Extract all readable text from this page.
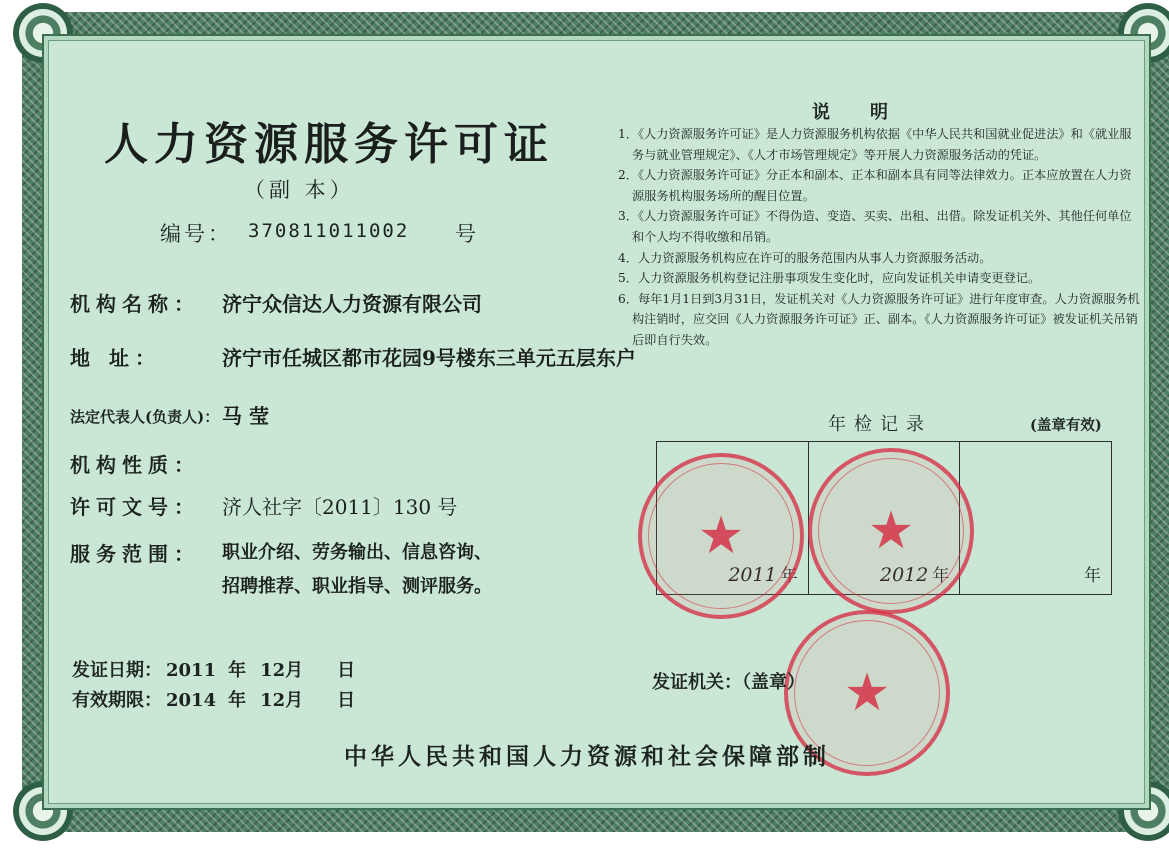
人力资源服务许可证
（副 本）
编号： 370811011002 号
机构名称： 济宁众信达人力资源有限公司
地 址：	济宁市任城区都市花园9号楼东三单元五层东户
法定代表人(负责人)： 马 莹
机构性质：
许可文号： 济人社字〔2011〕130 号
服务范围： 职业介绍、劳务输出、信息咨询、
招聘推荐、职业指导、测评服务。
发证日期： 2011 年 12月 日
有效期限： 2014 年 12月 日
说明

1．《人力资源服务许可证》是人力资源服务机构依据《中华人民共和国就业促进法》和《就业服务与就业管理规定》、《人才市场管理规定》等开展人力资源服务活动的凭证。

2．《人力资源服务许可证》分正本和副本、正本和副本具有同等法律效力。正本应放置在人力资源服务机构服务场所的醒目位置。

3．《人力资源服务许可证》不得伪造、变造、买卖、出租、出借。除发证机关外、其他任何单位和个人均不得收缴和吊销。

4．人力资源服务机构应在许可的服务范围内从事人力资源服务活动。

5．人力资源服务机构登记注册事项发生变化时，应向发证机关申请变更登记。

6．每年1月1日到3月31日，发证机关对《人力资源服务许可证》进行年度审查。人力资源服务机构注销时，应交回《人力资源服务许可证》正、副本。《人力资源服务许可证》被发证机关吊销后即自行失效。

年检记录	(盖章有效)
2011 年	2012 年	年
★ ★
★
发证机关：（盖章）
中华人民共和国人力资源和社会保障部制
